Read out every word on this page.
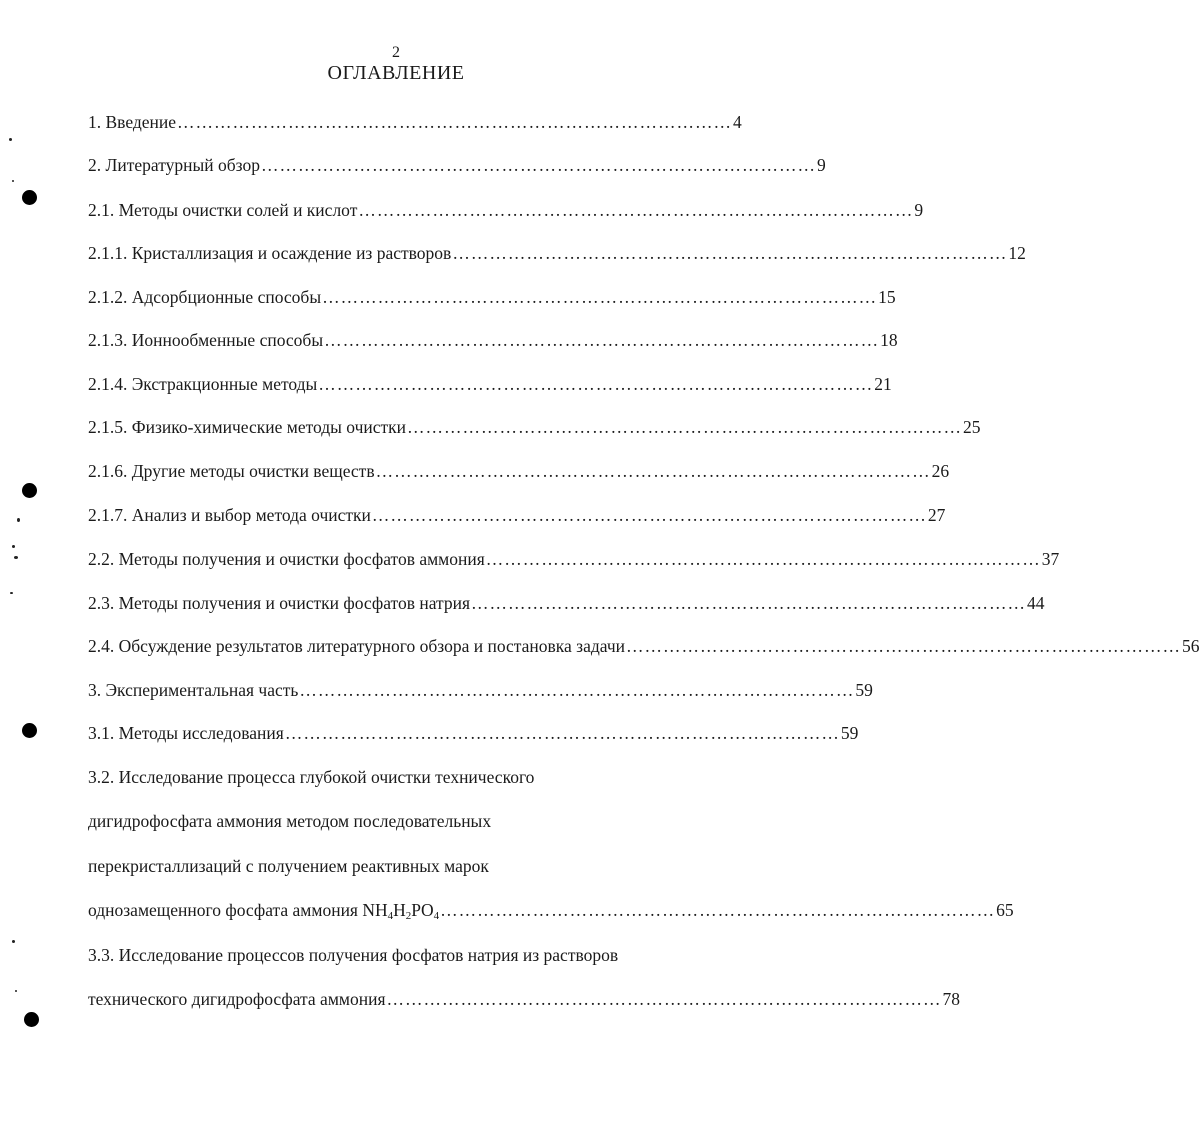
2
ОГЛАВЛЕНИЕ
1. Введение ……………………………………………………………………………… 4
2. Литературный обзор ……………………………………………………………………………… 9
2.1. Методы очистки солей и кислот ……………………………………………………………………………… 9
2.1.1. Кристаллизация и осаждение из растворов ……………………………………………………………………………… 12
2.1.2. Адсорбционные способы ……………………………………………………………………………… 15
2.1.3. Ионнообменные способы ……………………………………………………………………………… 18
2.1.4. Экстракционные методы ……………………………………………………………………………… 21
2.1.5. Физико-химические методы очистки ……………………………………………………………………………… 25
2.1.6. Другие методы очистки веществ ……………………………………………………………………………… 26
2.1.7. Анализ и выбор метода очистки ……………………………………………………………………………… 27
2.2. Методы получения и очистки фосфатов аммония ……………………………………………………………………………… 37
2.3. Методы получения и очистки фосфатов натрия ……………………………………………………………………………… 44
2.4. Обсуждение результатов литературного обзора и постановка задачи ……………………………………………………………………………… 56
3. Экспериментальная часть ……………………………………………………………………………… 59
3.1. Методы исследования ……………………………………………………………………………… 59
3.2. Исследование процесса глубокой очистки технического
дигидрофосфата аммония методом последовательных
перекристаллизаций с получением реактивных марок
однозамещенного фосфата аммония $NH_4H_2PO_4$ ……………………………………………………………………………… 65
3.3. Исследование процессов получения фосфатов натрия из растворов
технического дигидрофосфата аммония ……………………………………………………………………………… 78
